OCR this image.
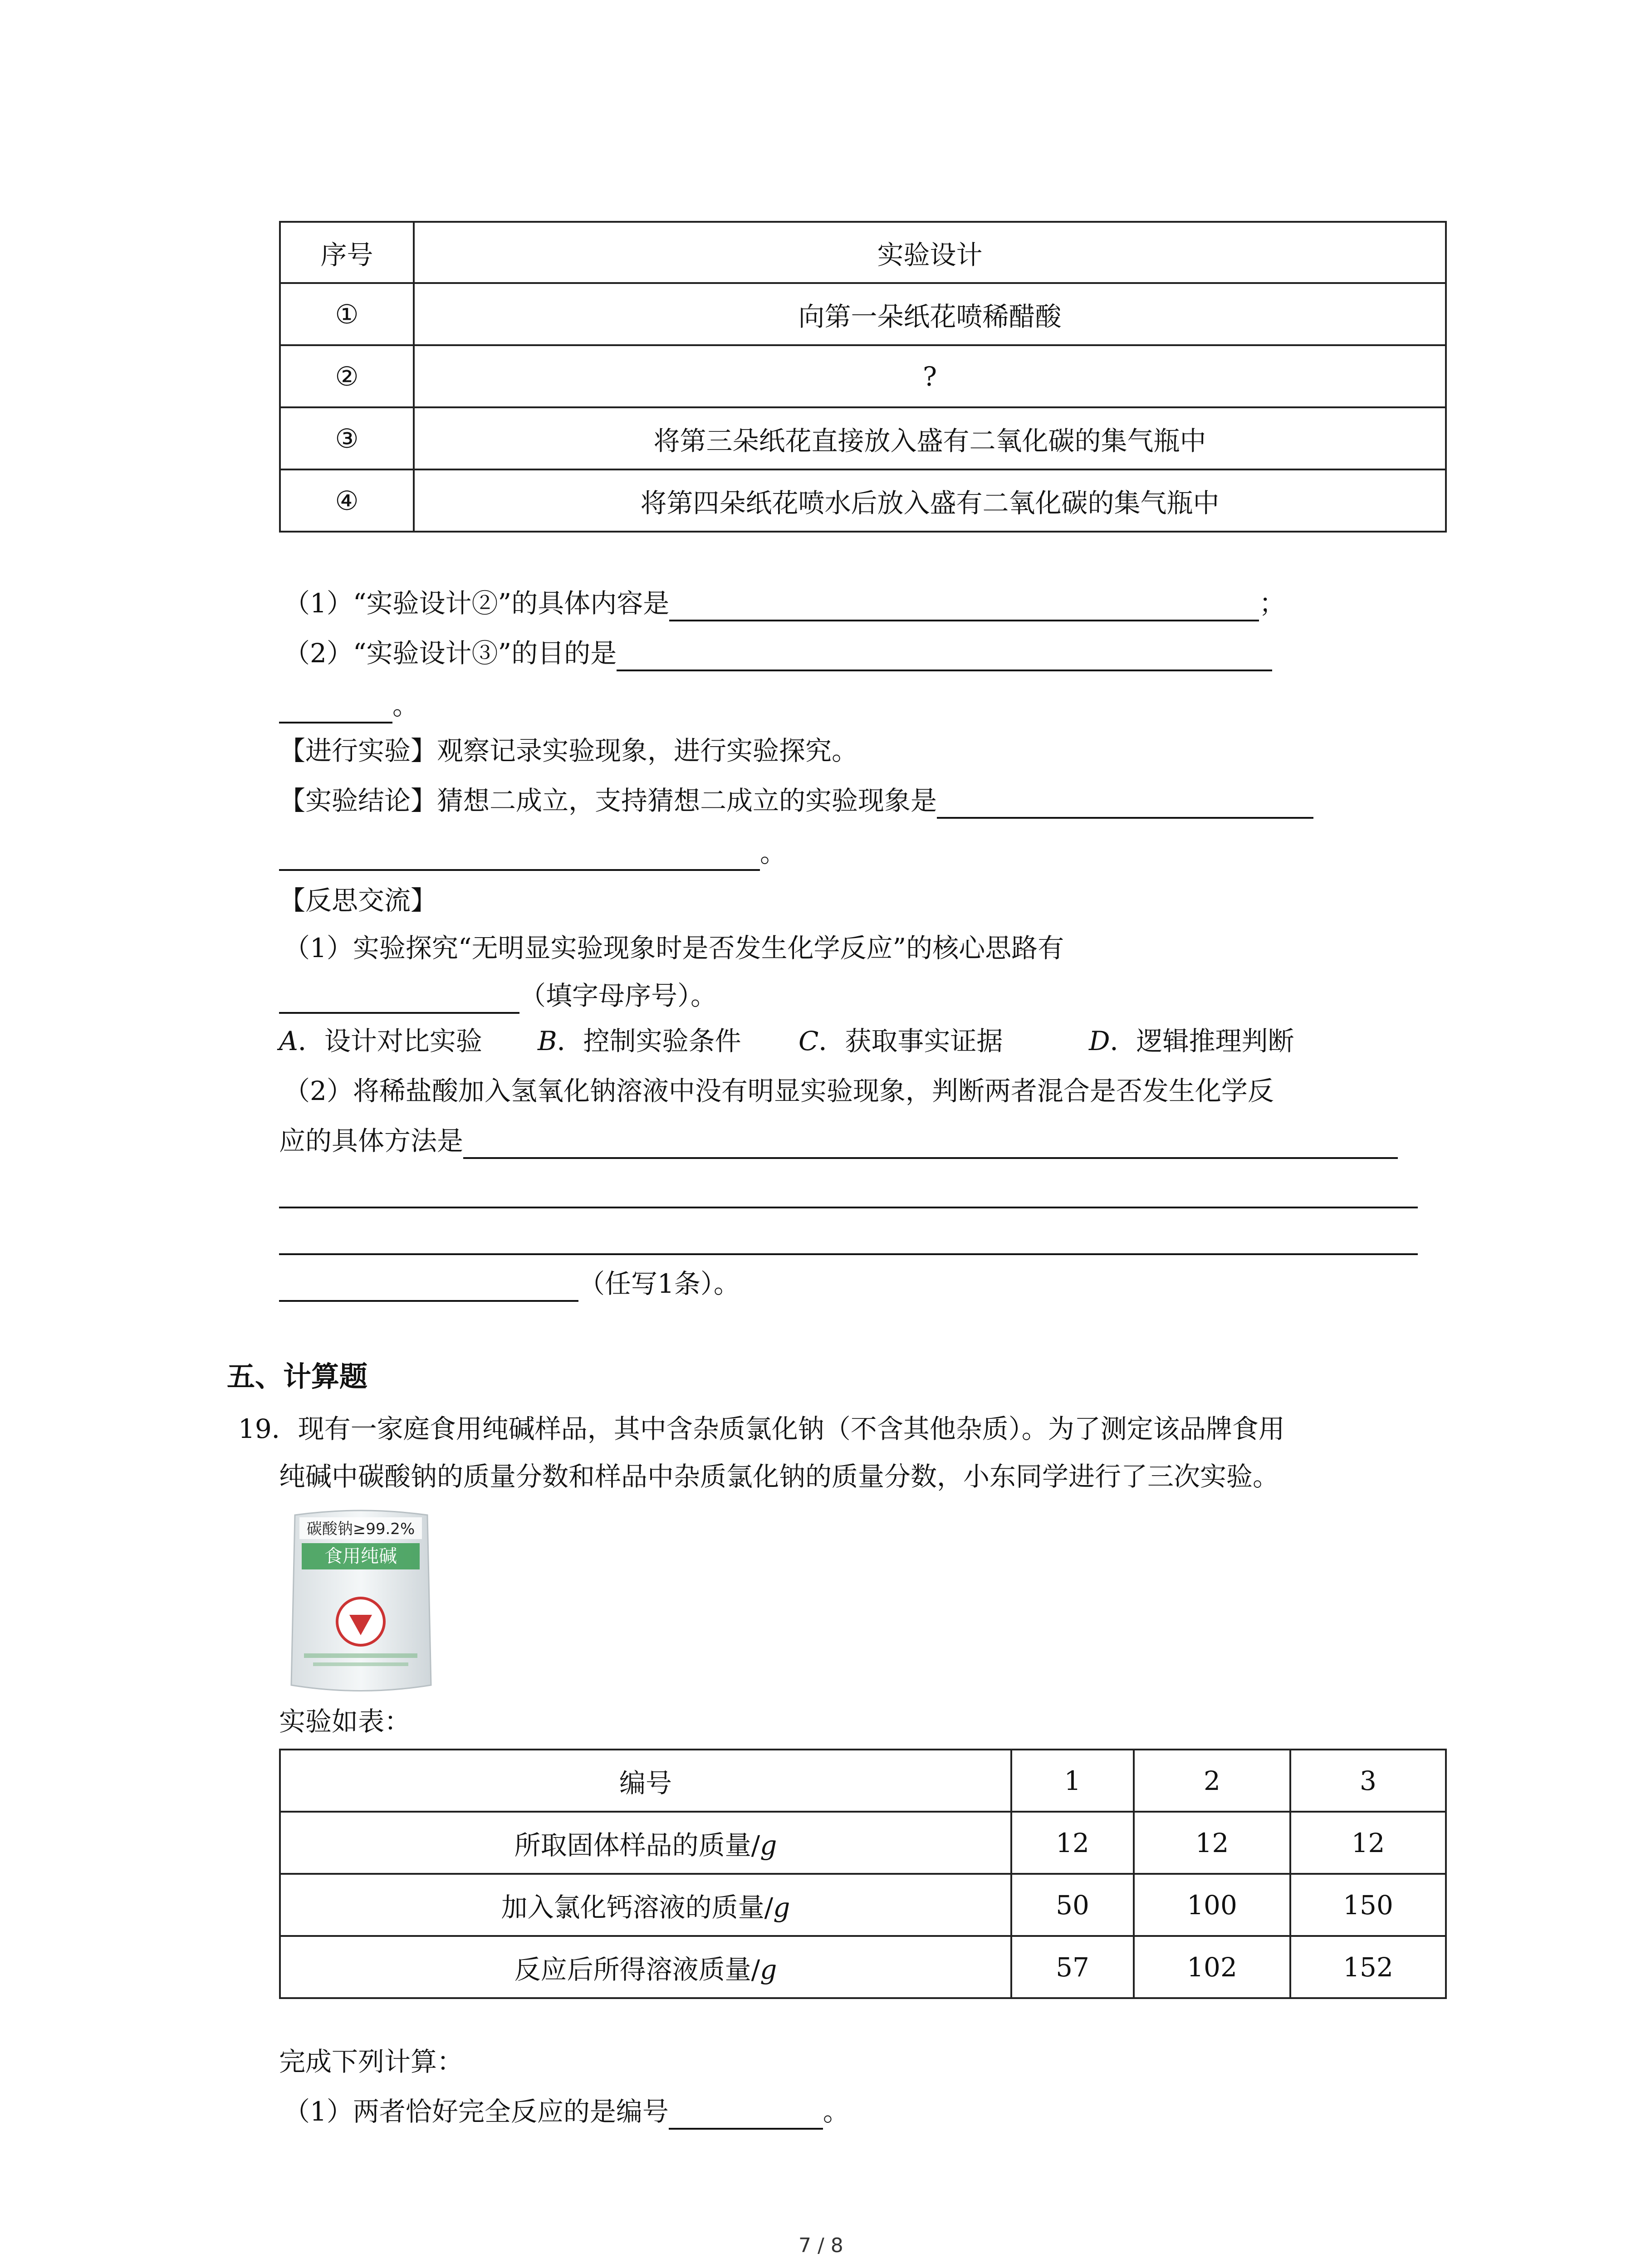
序号	实验设计
①	向第一朵纸花喷稀醋酸
②	?
③	将第三朵纸花直接放入盛有二氧化碳的集气瓶中
④	将第四朵纸花喷水后放入盛有二氧化碳的集气瓶中
（1）“实验设计②”的具体内容是	；
（2）“实验设计③”的目的是
。
【进行实验】观察记录实验现象，进行实验探究。
【实验结论】猜想二成立，支持猜想二成立的实验现象是
。
【反思交流】
（1）实验探究“无明显实验现象时是否发生化学反应”的核心思路有
（填字母序号）。
A．设计对比实验 B．控制实验条件 C．获取事实证据	D．逻辑推理判断
（2）将稀盐酸加入氢氧化钠溶液中没有明显实验现象，判断两者混合是否发生化学反
应的具体方法是
（任写1条）。
五、计算题
19．现有一家庭食用纯碱样品，其中含杂质氯化钠（不含其他杂质）。为了测定该品牌食用
纯碱中碳酸钠的质量分数和样品中杂质氯化钠的质量分数，小东同学进行了三次实验。
碳酸钠≥99.2%
食用纯碱
实验如表：
编号	1	2	3
所取固体样品的质量/g	12	12	12
加入氯化钙溶液的质量/g	50	100	150
反应后所得溶液质量/g	57	102	152
完成下列计算：
（1）两者恰好完全反应的是编号	。
7 / 8
